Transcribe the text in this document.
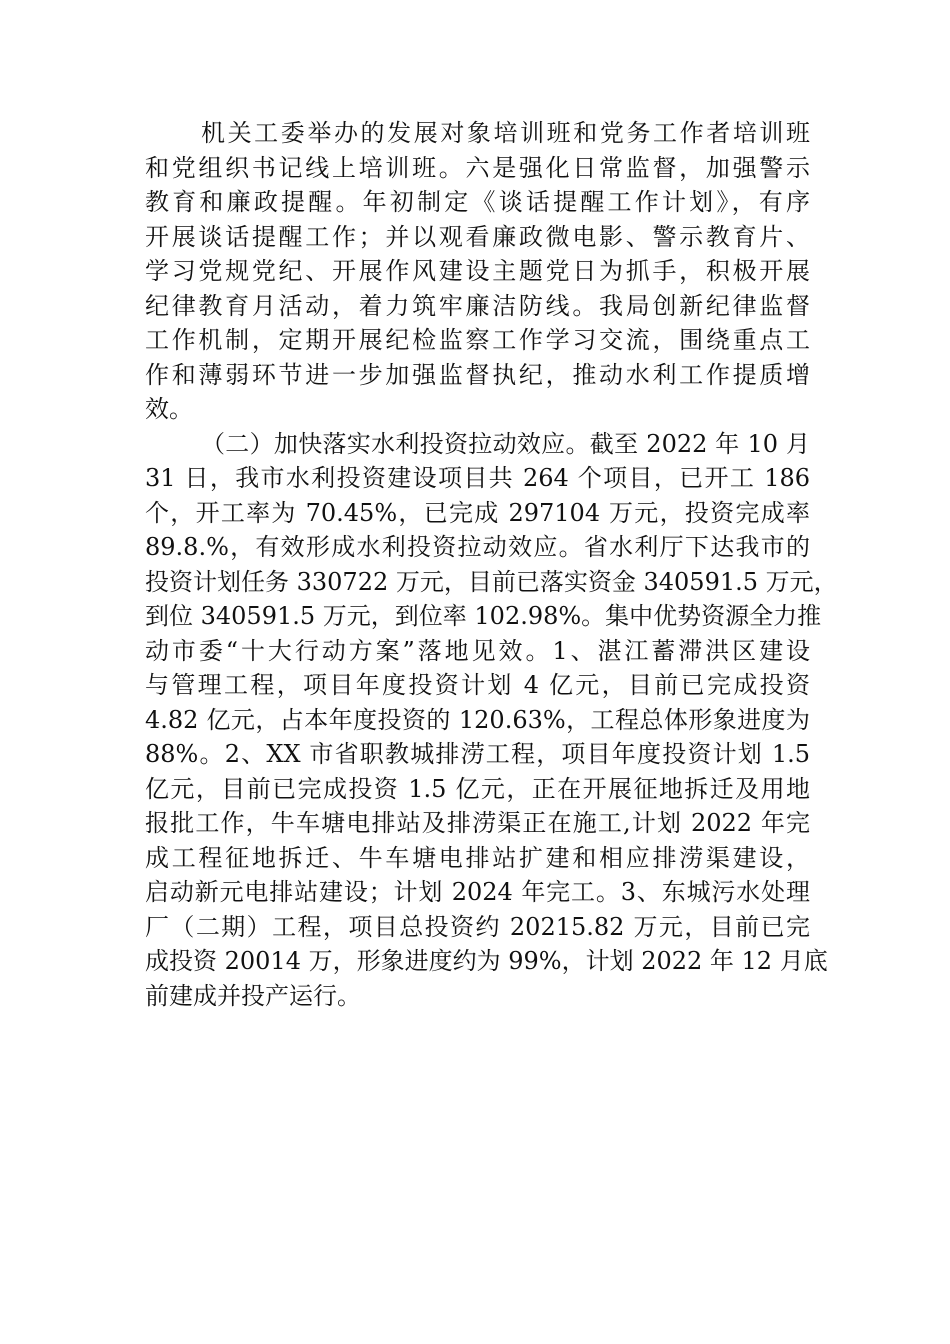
机关工委举办的发展对象培训班和党务工作者培训班
和党组织书记线上培训班。六是强化日常监督，加强警示
教育和廉政提醒。年初制定《谈话提醒工作计划》，有序
开展谈话提醒工作；并以观看廉政微电影、警示教育片、
学习党规党纪、开展作风建设主题党日为抓手，积极开展
纪律教育月活动，着力筑牢廉洁防线。我局创新纪律监督
工作机制，定期开展纪检监察工作学习交流，围绕重点工
作和薄弱环节进一步加强监督执纪，推动水利工作提质增
效。
（二）加快落实水利投资拉动效应。截至 2022 年 10 月
31 日，我市水利投资建设项目共 264 个项目，已开工 186
个，开工率为 70.45%，已完成 297104 万元，投资完成率
89.8.%，有效形成水利投资拉动效应。省水利厅下达我市的
投资计划任务 330722 万元，目前已落实资金 340591.5 万元，
到位 340591.5 万元，到位率 102.98%。集中优势资源全力推
动市委“十大行动方案”落地见效。1、湛江蓄滞洪区建设
与管理工程，项目年度投资计划 4 亿元，目前已完成投资
4.82 亿元，占本年度投资的 120.63%，工程总体形象进度为
88%。2、XX 市省职教城排涝工程，项目年度投资计划 1.5
亿元，目前已完成投资 1.5 亿元，正在开展征地拆迁及用地
报批工作，牛车塘电排站及排涝渠正在施工,计划 2022 年完
成工程征地拆迁、牛车塘电排站扩建和相应排涝渠建设，
启动新元电排站建设；计划 2024 年完工。3、东城污水处理
厂（二期）工程，项目总投资约 20215.82 万元，目前已完
成投资 20014 万，形象进度约为 99%，计划 2022 年 12 月底
前建成并投产运行。
